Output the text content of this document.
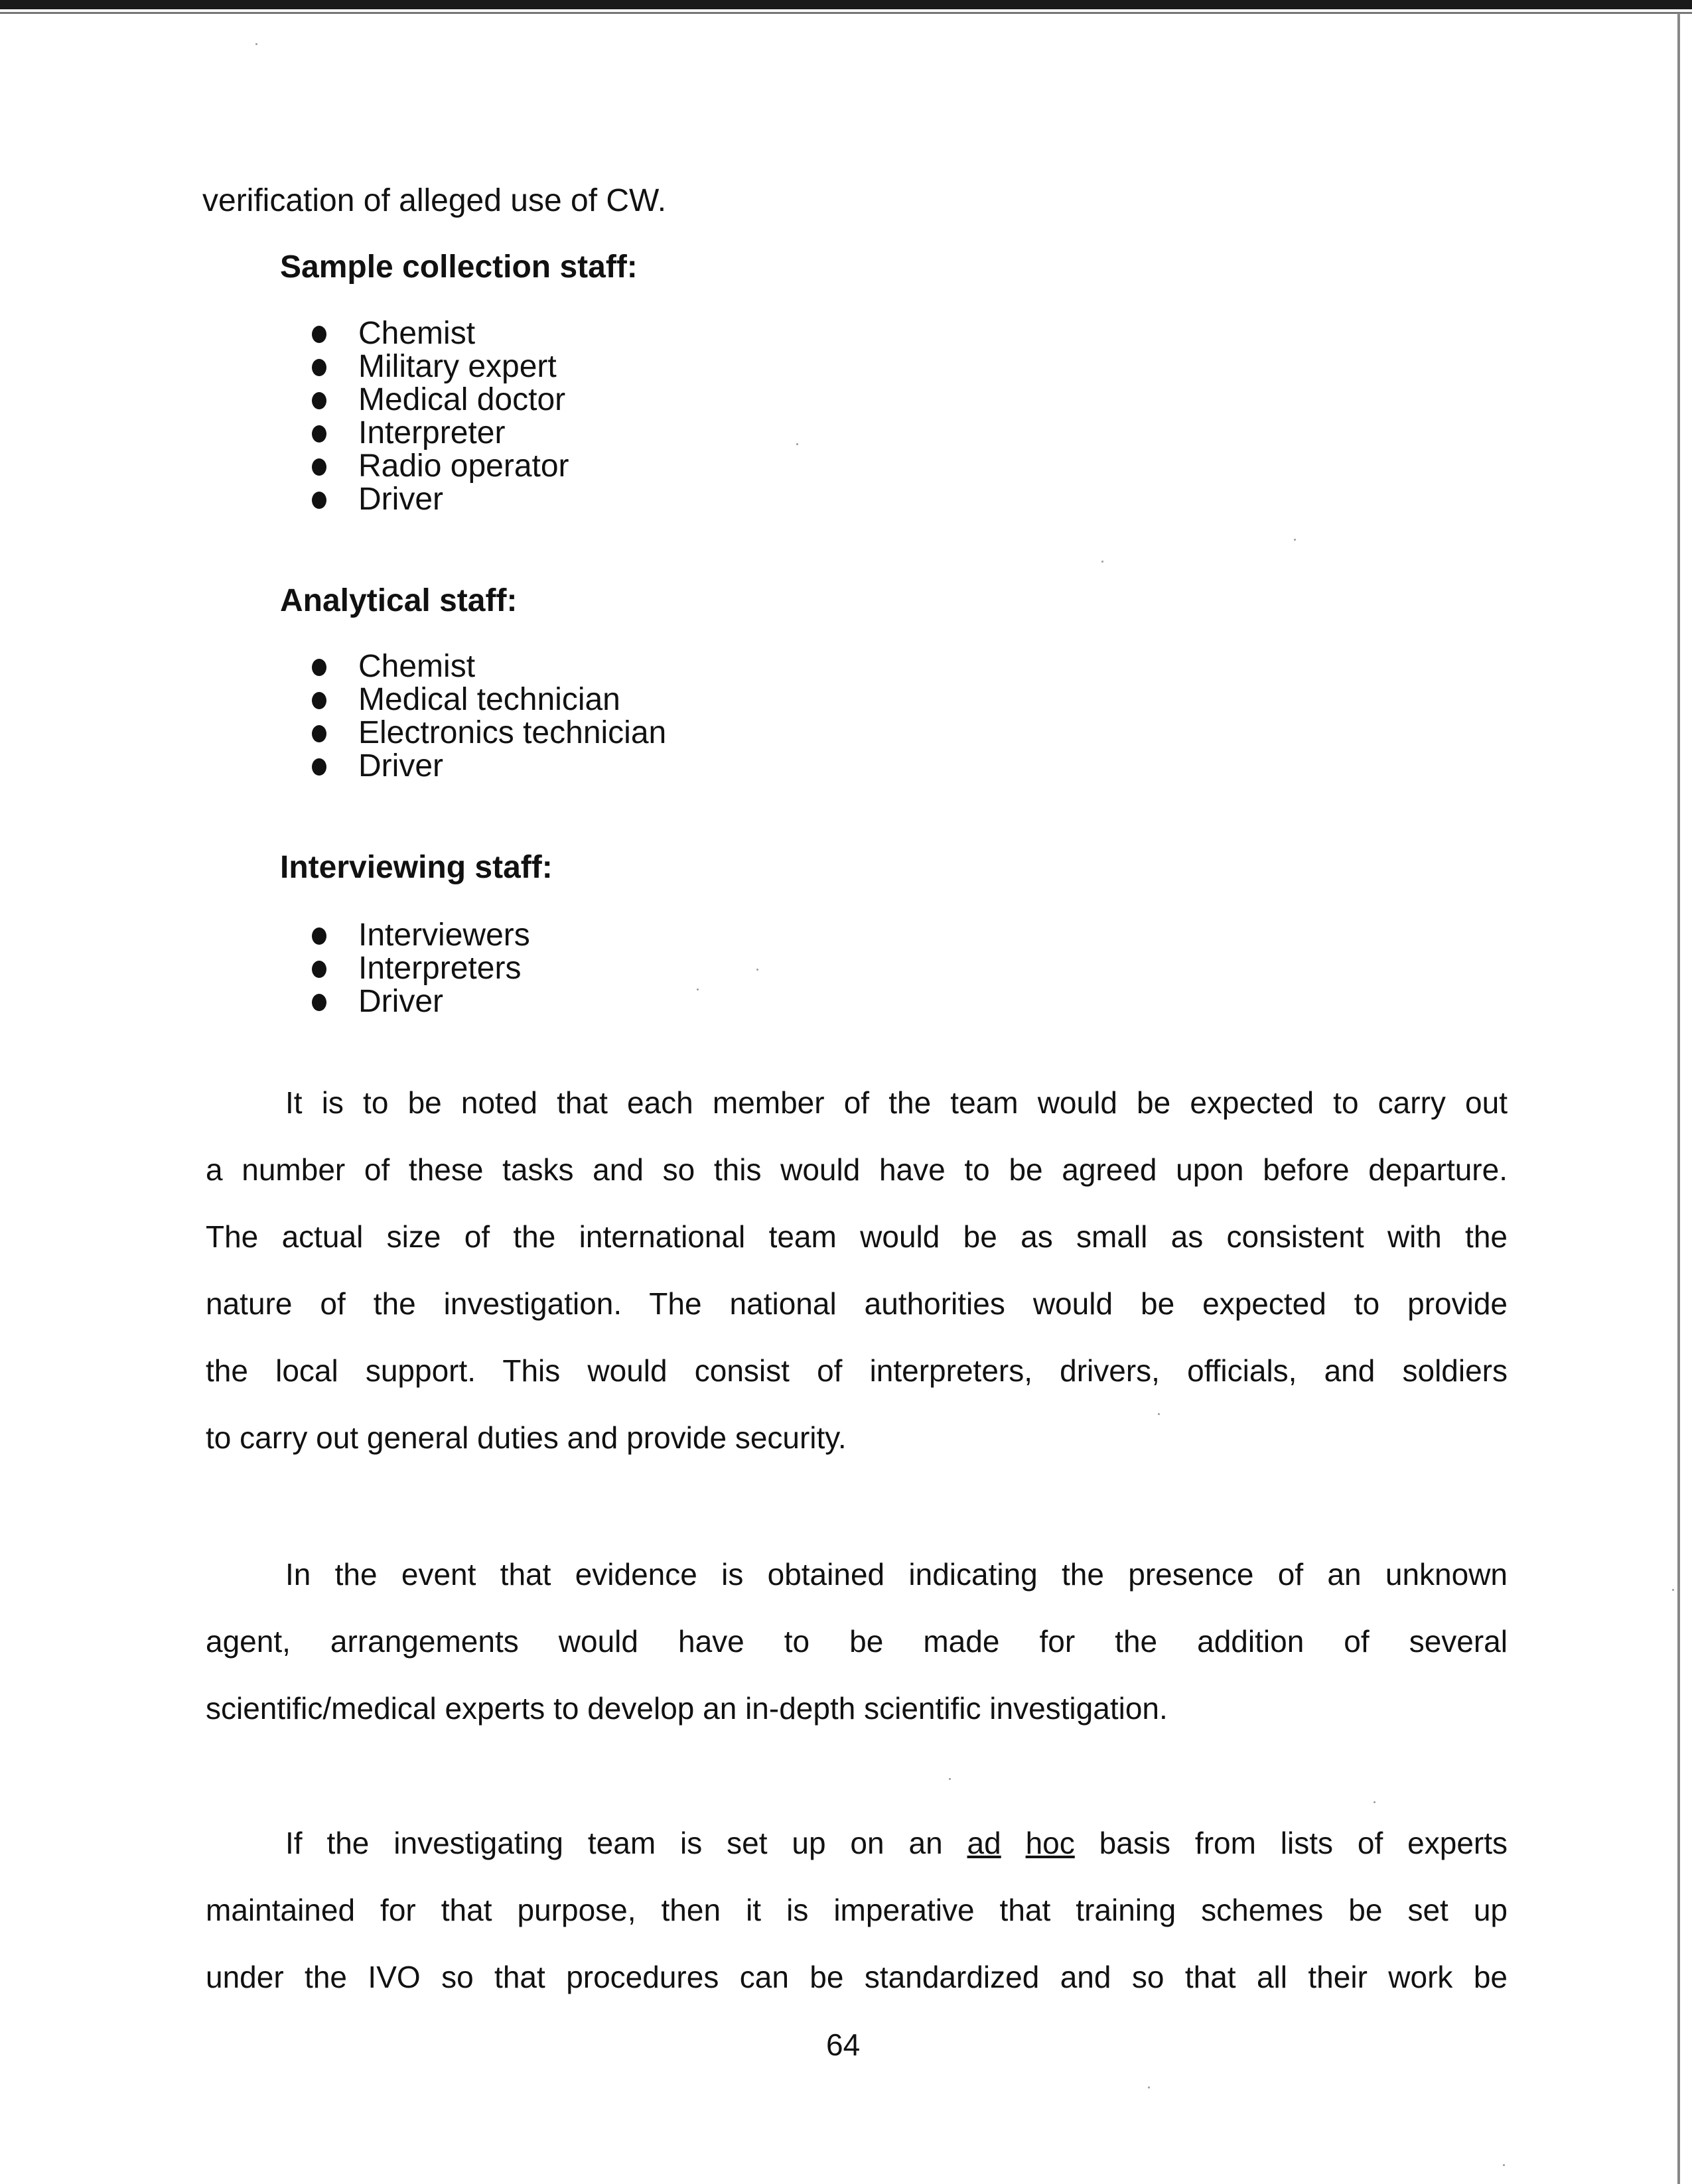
verification of alleged use of CW.
Sample collection staff:
Chemist
Military expert
Medical doctor
Interpreter
Radio operator
Driver
Analytical staff:
Chemist
Medical technician
Electronics technician
Driver
Interviewing staff:
Interviewers
Interpreters
Driver
It is to be noted that each member of the team would be expected to carry out
a number of these tasks and so this would have to be agreed upon before departure.
The actual size of the international team would be as small as consistent with the
nature of the investigation. The national authorities would be expected to provide
the local support. This would consist of interpreters, drivers, officials, and soldiers
to carry out general duties and provide security.
In the event that evidence is obtained indicating the presence of an unknown
agent, arrangements would have to be made for the addition of several
scientific/medical experts to develop an in-depth scientific investigation.
If the investigating team is set up on an ad hoc basis from lists of experts
maintained for that purpose, then it is imperative that training schemes be set up
under the IVO so that procedures can be standardized and so that all their work be
64
